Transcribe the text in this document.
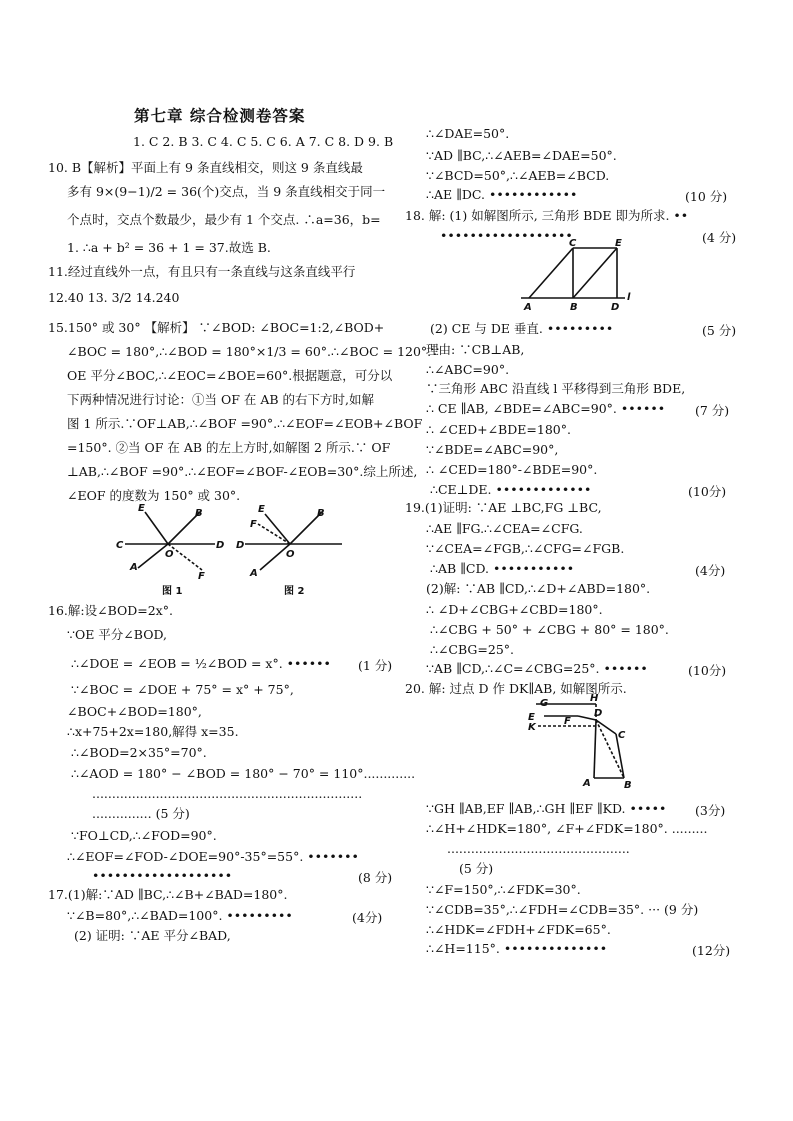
第七章 综合检测卷答案
1. C 2. B 3. C 4. C 5. C 6. A 7. C 8. D 9. B
10. B【解析】平面上有 9 条直线相交，则这 9 条直线最
多有 9×(9−1)/2 = 36(个)交点，当 9 条直线相交于同一
个点时，交点个数最少，最少有 1 个交点. ∴a=36，b=
1. ∴a + b² = 36 + 1 = 37.故选 B.
11.经过直线外一点，有且只有一条直线与这条直线平行
12.40 13. 3/2 14.240
15.150° 或 30° 【解析】 ∵∠BOD: ∠BOC=1:2,∠BOD+
∠BOC = 180°,∴∠BOD = 180°×1/3 = 60°.∴∠BOC = 120°.∵
OE 平分∠BOC,∴∠EOC=∠BOE=60°.根据题意，可分以
下两种情况进行讨论：①当 OF 在 AB 的右下方时,如解
图 1 所示.∵OF⊥AB,∴∠BOF =90°.∴∠EOF=∠EOB+∠BOF
=150°. ②当 OF 在 AB 的左上方时,如解图 2 所示.∵ OF
⊥AB,∴∠BOF =90°.∴∠EOF=∠BOF-∠EOB=30°.综上所述,
∠EOF 的度数为 150° 或 30°.
16.解:设∠BOD=2x°.
∵OE 平分∠BOD,
∴∠DOE = ∠EOB = ½∠BOD = x°. ••••••
∵∠BOC = ∠DOE + 75° = x° + 75°,
∠BOC+∠BOD=180°,
∴x+75+2x=180,解得 x=35.
∴∠BOD=2×35°=70°.
∴∠AOD = 180° − ∠BOD = 180° − 70° = 110°.............
....................................................................
............... (5 分)
∵FO⊥CD,∴∠FOD=90°.
∴∠EOF=∠FOD-∠DOE=90°-35°=55°. •••••••
•••••••••••••••••••
17.(1)解:∵AD ∥BC,∴∠B+∠BAD=180°.
∵∠B=80°,∴∠BAD=100°. •••••••••
(2) 证明: ∵AE 平分∠BAD,
(1 分)
(8 分)
(4分)
∴∠DAE=50°.
∵AD ∥BC,∴∠AEB=∠DAE=50°.
∵∠BCD=50°,∴∠AEB=∠BCD.
∴AE ∥DC. ••••••••••••
18. 解: (1) 如解图所示, 三角形 BDE 即为所求. ••
••••••••••••••••••
(2) CE 与 DE 垂直. •••••••••
理由: ∵CB⊥AB,
∴∠ABC=90°.
∵三角形 ABC 沿直线 l 平移得到三角形 BDE,
∴ CE ∥AB, ∠BDE=∠ABC=90°. ••••••
∴ ∠CED+∠BDE=180°.
∵∠BDE=∠ABC=90°,
∴ ∠CED=180°-∠BDE=90°.
∴CE⊥DE. •••••••••••••
19.(1)证明: ∵AE ⊥BC,FG ⊥BC,
∴AE ∥FG.∴∠CEA=∠CFG.
∵∠CEA=∠FGB,∴∠CFG=∠FGB.
∴AB ∥CD. •••••••••••
(2)解: ∵AB ∥CD,∴∠D+∠ABD=180°.
∴ ∠D+∠CBG+∠CBD=180°.
∴∠CBG + 50° + ∠CBG + 80° = 180°.
∴∠CBG=25°.
∵AB ∥CD,∴∠C=∠CBG=25°. ••••••
20. 解: 过点 D 作 DK∥AB, 如解图所示.
∵GH ∥AB,EF ∥AB,∴GH ∥EF ∥KD. •••••
∴∠H+∠HDK=180°, ∠F+∠FDK=180°. .........
..............................................
(5 分)
∵∠F=150°,∴∠FDK=30°.
∵∠CDB=35°,∴∠FDH=∠CDB=35°. ··· (9 分)
∴∠HDK=∠FDH+∠FDK=65°.
∴∠H=115°. ••••••••••••••
(10 分)
(4 分)
(5 分)
(7 分)
(10分)
(4分)
(10分)
(3分)
(12分)
E	B
C
O
D
A
F
E	B
F
D
O
A
图 1	图 2
C	E
A	B	D
l
G	H
E	F
D
K
C
A	B
